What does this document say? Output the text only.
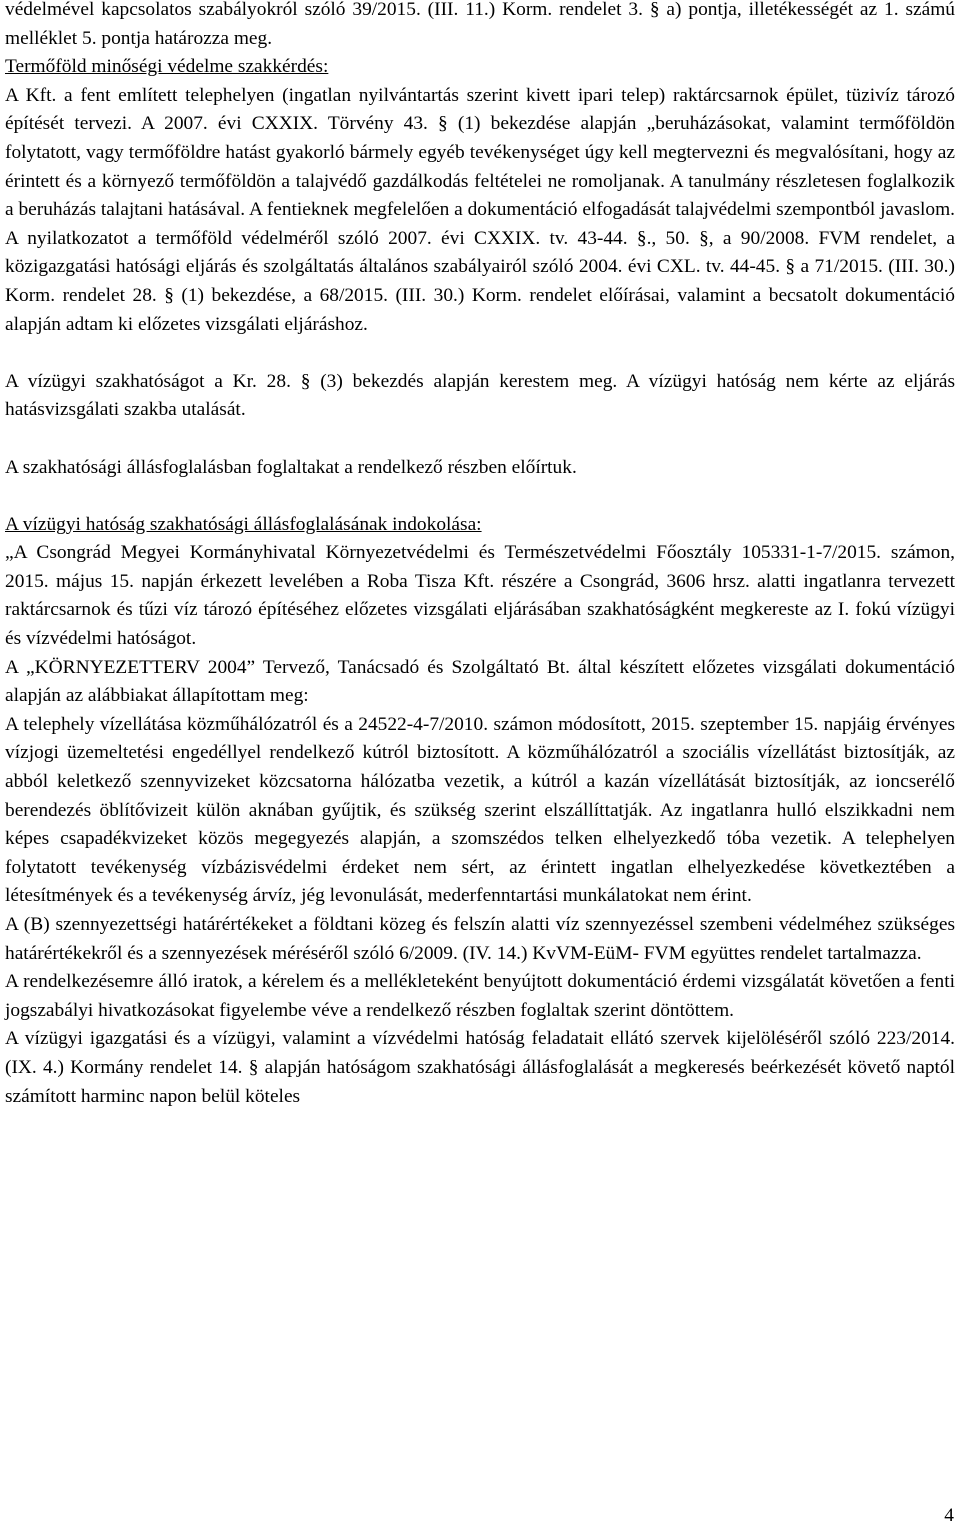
védelmével kapcsolatos szabályokról szóló 39/2015. (III. 11.) Korm. rendelet 3. § a) pontja, illetékességét az 1. számú melléklet 5. pontja határozza meg.

Termőföld minőségi védelme szakkérdés:

A Kft. a fent említett telephelyen (ingatlan nyilvántartás szerint kivett ipari telep) raktárcsarnok épület, tüzivíz tározó építését tervezi. A 2007. évi CXXIX. Törvény 43. § (1) bekezdése alapján „beruházásokat, valamint termőföldön folytatott, vagy termőföldre hatást gyakorló bármely egyéb tevékenységet úgy kell megtervezni és megvalósítani, hogy az érintett és a környező termőföldön a talajvédő gazdálkodás feltételei ne romoljanak. A tanulmány részletesen foglalkozik a beruházás talajtani hatásával. A fentieknek megfelelően a dokumentáció elfogadását talajvédelmi szempontból javaslom. A nyilatkozatot a termőföld védelméről szóló 2007. évi CXXIX. tv. 43-44. §., 50. §, a 90/2008. FVM rendelet, a közigazgatási hatósági eljárás és szolgáltatás általános szabályairól szóló 2004. évi CXL. tv. 44-45. § a 71/2015. (III. 30.) Korm. rendelet 28. § (1) bekezdése, a 68/2015. (III. 30.) Korm. rendelet előírásai, valamint a becsatolt dokumentáció alapján adtam ki előzetes vizsgálati eljáráshoz.

A vízügyi szakhatóságot a Kr. 28. § (3) bekezdés alapján kerestem meg. A vízügyi hatóság nem kérte az eljárás hatásvizsgálati szakba utalását.

A szakhatósági állásfoglalásban foglaltakat a rendelkező részben előírtuk.

A vízügyi hatóság szakhatósági állásfoglalásának indokolása:

„A Csongrád Megyei Kormányhivatal Környezetvédelmi és Természetvédelmi Főosztály 105331-1-7/2015. számon, 2015. május 15. napján érkezett levelében a Roba Tisza Kft. részére a Csongrád, 3606 hrsz. alatti ingatlanra tervezett raktárcsarnok és tűzi víz tározó építéséhez előzetes vizsgálati eljárásában szakhatóságként megkereste az I. fokú vízügyi és vízvédelmi hatóságot.

A „KÖRNYEZETTERV 2004” Tervező, Tanácsadó és Szolgáltató Bt. által készített előzetes vizsgálati dokumentáció alapján az alábbiakat állapítottam meg:

A telephely vízellátása közműhálózatról és a 24522-4-7/2010. számon módosított, 2015. szeptember 15. napjáig érvényes vízjogi üzemeltetési engedéllyel rendelkező kútról biztosított. A közműhálózatról a szociális vízellátást biztosítják, az abból keletkező szennyvizeket közcsatorna hálózatba vezetik, a kútról a kazán vízellátását biztosítják, az ioncserélő berendezés öblítővizeit külön aknában gyűjtik, és szükség szerint elszállíttatják. Az ingatlanra hulló elszikkadni nem képes csapadékvizeket közös megegyezés alapján, a szomszédos telken elhelyezkedő tóba vezetik. A telephelyen folytatott tevékenység vízbázisvédelmi érdeket nem sért, az érintett ingatlan elhelyezkedése következtében a létesítmények és a tevékenység árvíz, jég levonulását, mederfenntartási munkálatokat nem érint.

A (B) szennyezettségi határértékeket a földtani közeg és felszín alatti víz szennyezéssel szembeni védelméhez szükséges határértékekről és a szennyezések méréséről szóló 6/2009. (IV. 14.) KvVM-EüM- FVM együttes rendelet tartalmazza.

A rendelkezésemre álló iratok, a kérelem és a mellékleteként benyújtott dokumentáció érdemi vizsgálatát követően a fenti jogszabályi hivatkozásokat figyelembe véve a rendelkező részben foglaltak szerint döntöttem.

A vízügyi igazgatási és a vízügyi, valamint a vízvédelmi hatóság feladatait ellátó szervek kijelöléséről szóló 223/2014. (IX. 4.) Kormány rendelet 14. § alapján hatóságom szakhatósági állásfoglalását a megkeresés beérkezését követő naptól számított harminc napon belül köteles

4
